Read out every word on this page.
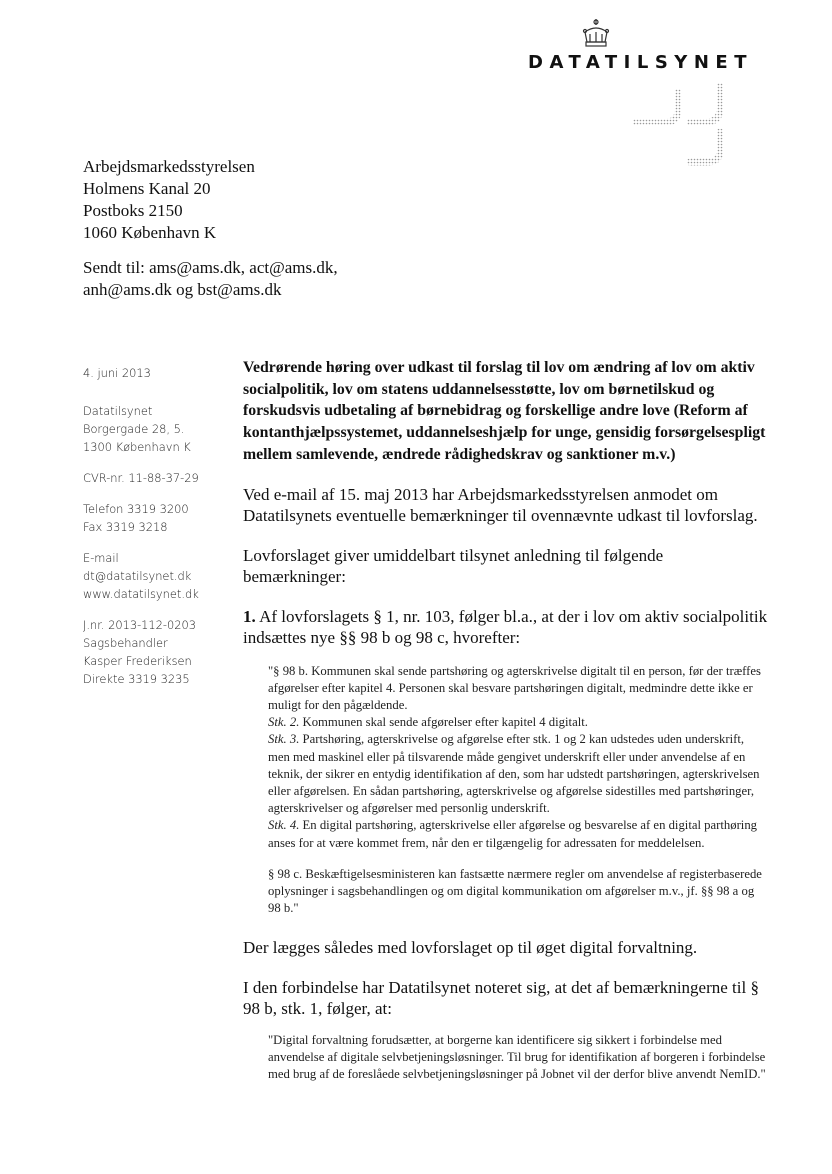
DATATILSYNET
Arbejdsmarkedsstyrelsen
Holmens Kanal 20
Postboks 2150
1060 København K
Sendt til: ams@ams.dk, act@ams.dk,
anh@ams.dk og bst@ams.dk
4. juni 2013
Datatilsynet
Borgergade 28, 5.
1300 København K
CVR-nr. 11-88-37-29
Telefon 3319 3200
Fax 3319 3218
E-mail
dt@datatilsynet.dk
www.datatilsynet.dk
J.nr. 2013-112-0203
Sagsbehandler
Kasper Frederiksen
Direkte 3319 3235
Vedrørende høring over udkast til forslag til lov om ændring af lov om aktiv socialpolitik, lov om statens uddannelsesstøtte, lov om børnetilskud og forskudsvis udbetaling af børnebidrag og forskellige andre love (Reform af kontanthjælpssystemet, uddannelseshjælp for unge, gensidig forsørgelsespligt mellem samlevende, ændrede rådighedskrav og sanktioner m.v.)
Ved e-mail af 15. maj 2013 har Arbejdsmarkedsstyrelsen anmodet om Datatilsynets eventuelle bemærkninger til ovennævnte udkast til lovforslag.
Lovforslaget giver umiddelbart tilsynet anledning til følgende bemærkninger:
1. Af lovforslagets § 1, nr. 103, følger bl.a., at der i lov om aktiv socialpolitik indsættes nye §§ 98 b og 98 c, hvorefter:
"§ 98 b. Kommunen skal sende partshøring og agterskrivelse digitalt til en person, før der træffes afgørelser efter kapitel 4. Personen skal besvare partshøringen digitalt, medmindre dette ikke er muligt for den pågældende.
Stk. 2. Kommunen skal sende afgørelser efter kapitel 4 digitalt.
Stk. 3. Partshøring, agterskrivelse og afgørelse efter stk. 1 og 2 kan udstedes uden underskrift, men med maskinel eller på tilsvarende måde gengivet underskrift eller under anvendelse af en teknik, der sikrer en entydig identifikation af den, som har udstedt partshøringen, agterskrivelsen eller afgørelsen. En sådan partshøring, agterskrivelse og afgørelse sidestilles med partshøringer, agterskrivelser og afgørelser med personlig underskrift.
Stk. 4. En digital partshøring, agterskrivelse eller afgørelse og besvarelse af en digital parthøring anses for at være kommet frem, når den er tilgængelig for adressaten for meddelelsen.
§ 98 c. Beskæftigelsesministeren kan fastsætte nærmere regler om anvendelse af registerbaserede oplysninger i sagsbehandlingen og om digital kommunikation om afgørelser m.v., jf. §§ 98 a og 98 b."
Der lægges således med lovforslaget op til øget digital forvaltning.
I den forbindelse har Datatilsynet noteret sig, at det af bemærkningerne til § 98 b, stk. 1, følger, at:
"Digital forvaltning forudsætter, at borgerne kan identificere sig sikkert i forbindelse med anvendelse af digitale selvbetjeningsløsninger. Til brug for identifikation af borgeren i forbindelse med brug af de foreslåede selvbetjeningsløsninger på Jobnet vil der derfor blive anvendt NemID."
